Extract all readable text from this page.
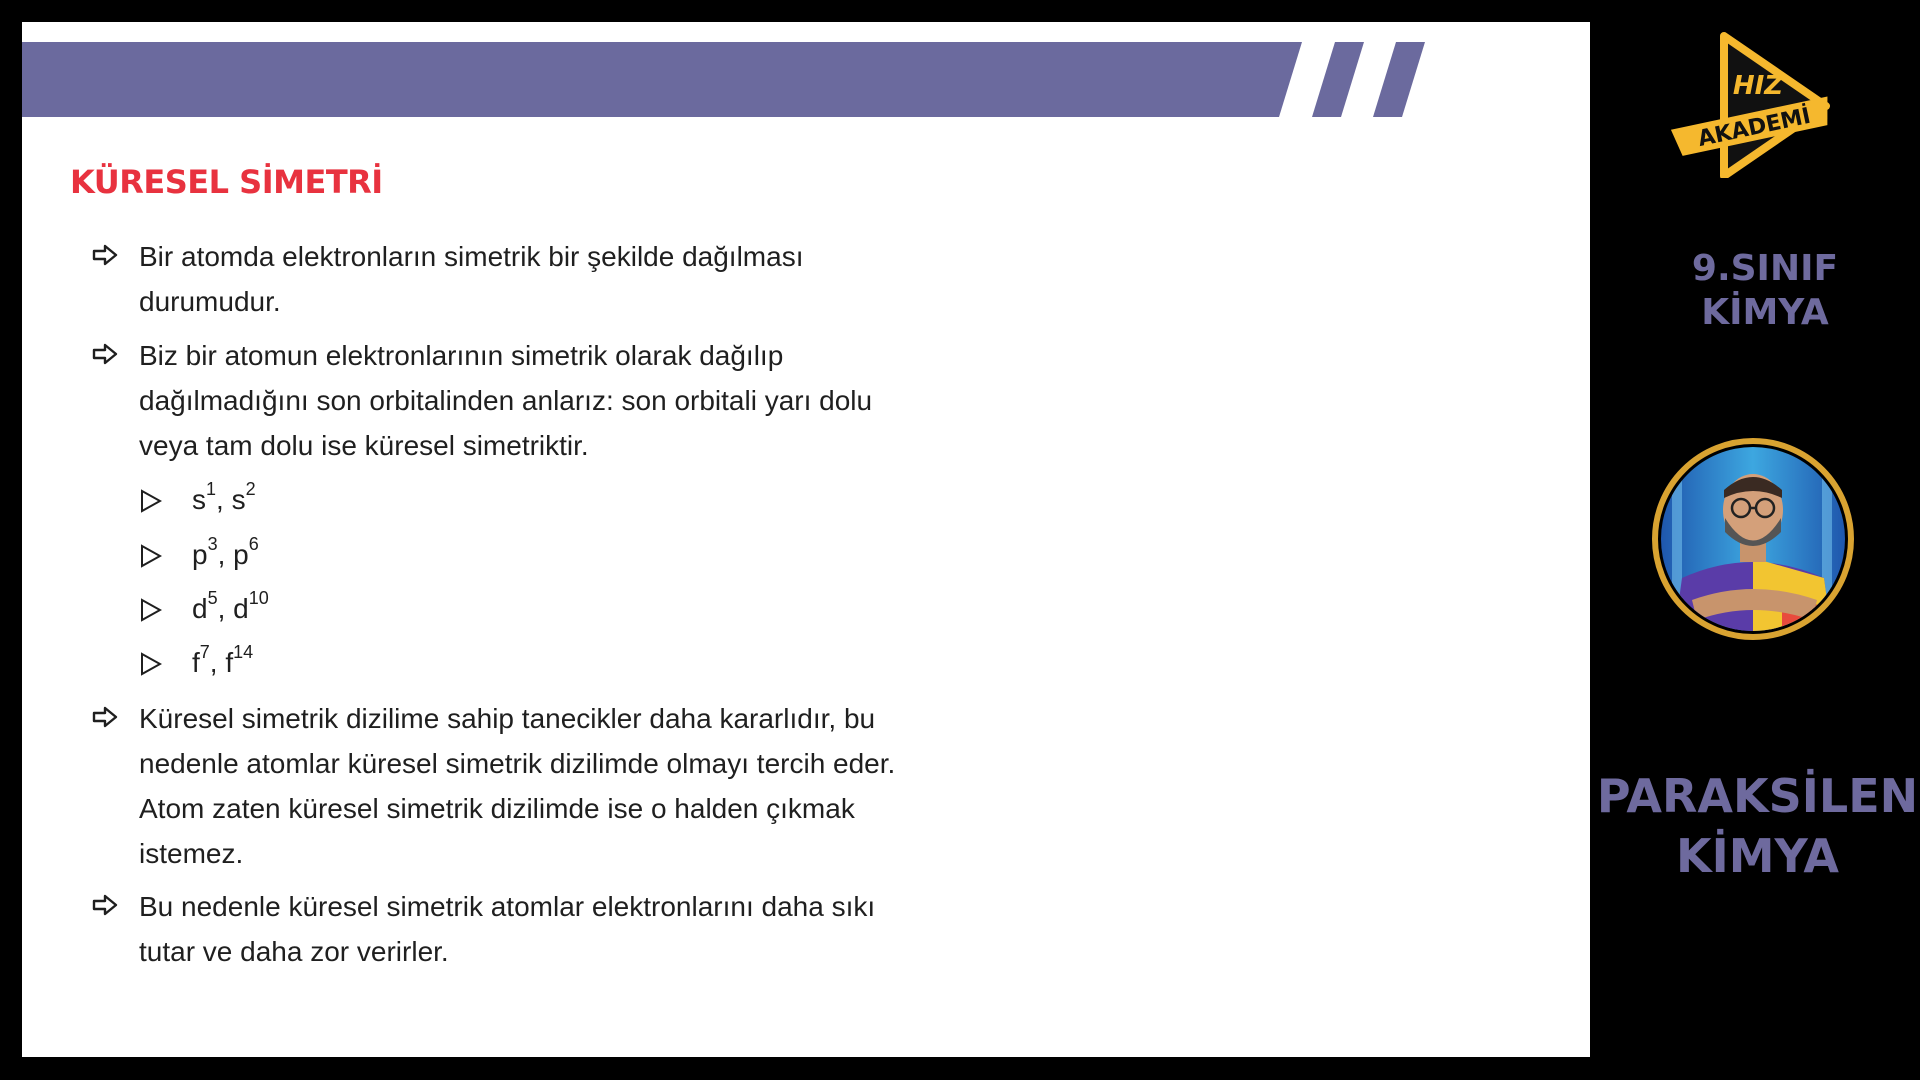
KÜRESEL SİMETRİ
Bir atomda elektronların simetrik bir şekilde dağılması durumudur.
Biz bir atomun elektronlarının simetrik olarak dağılıp dağılmadığını son orbitalinden anlarız: son orbitali yarı dolu veya tam dolu ise küresel simetriktir.
$s^1$, $s^2$
$p^3$, $p^6$
$d^5$, $d^{10}$
$f^7$, $f^{14}$
Küresel simetrik dizilime sahip tanecikler daha kararlıdır, bu nedenle atomlar küresel simetrik dizilimde olmayı tercih eder. Atom zaten küresel simetrik dizilimde ise o halden çıkmak istemez.
Bu nedenle küresel simetrik atomlar elektronlarını daha sıkı tutar ve daha zor verirler.
HIZ
AKADEMİ
9.SINIF
KİMYA
PARAKSİLEN
KİMYA
